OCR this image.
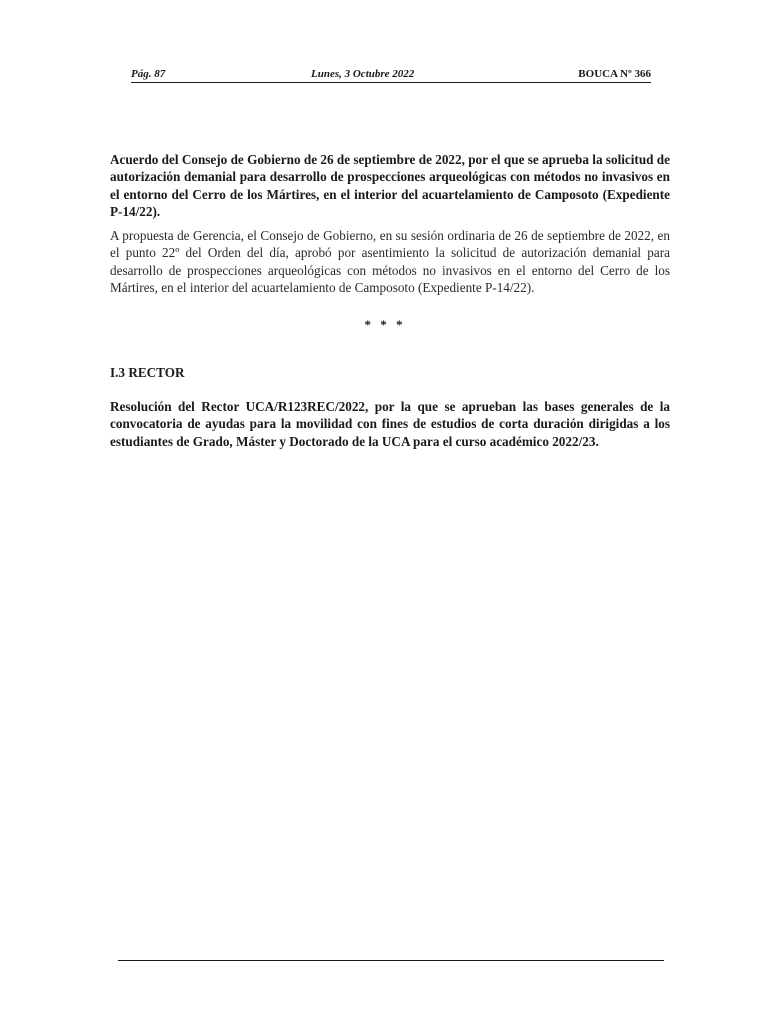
Pág. 87	Lunes, 3 Octubre 2022	BOUCA Nº 366
Acuerdo del Consejo de Gobierno de 26 de septiembre de 2022, por el que se aprueba la solicitud de autorización demanial para desarrollo de prospecciones arqueológicas con métodos no invasivos en el entorno del Cerro de los Mártires, en el interior del acuartelamiento de Camposoto (Expediente P-14/22).
A propuesta de Gerencia, el Consejo de Gobierno, en su sesión ordinaria de 26 de septiembre de 2022, en el punto 22º del Orden del día, aprobó por asentimiento la solicitud de autorización demanial para desarrollo de prospecciones arqueológicas con métodos no invasivos en el entorno del Cerro de los Mártires, en el interior del acuartelamiento de Camposoto (Expediente P-14/22).
* * *
I.3 RECTOR
Resolución del Rector UCA/R123REC/2022, por la que se aprueban las bases generales de la convocatoria de ayudas para la movilidad con fines de estudios de corta duración dirigidas a los estudiantes de Grado, Máster y Doctorado de la UCA para el curso académico 2022/23.
